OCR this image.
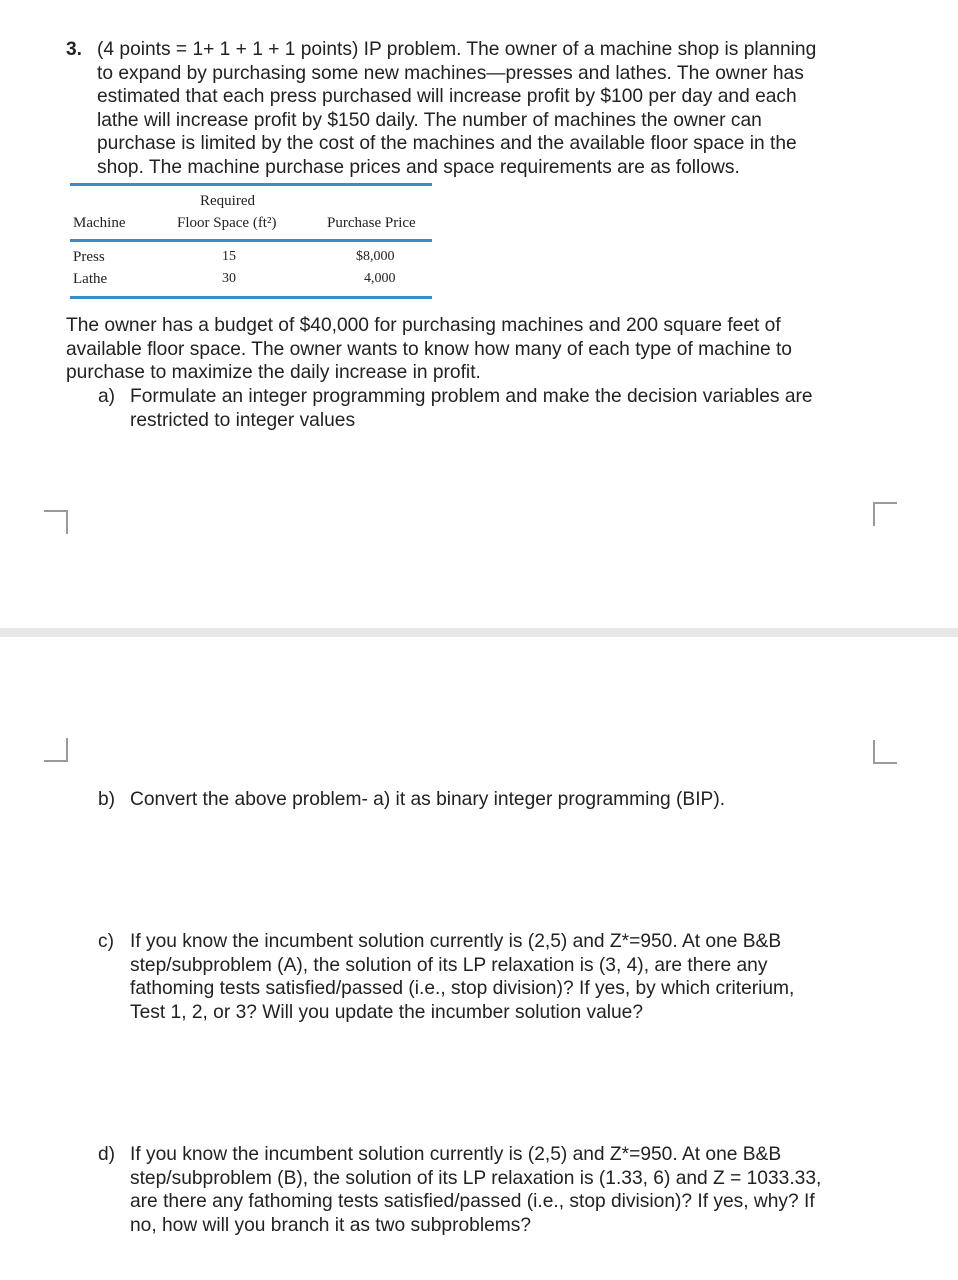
3. (4 points = 1+ 1 + 1 + 1 points) IP problem. The owner of a machine shop is planning
to expand by purchasing some new machines—presses and lathes. The owner has
estimated that each press purchased will increase profit by $100 per day and each
lathe will increase profit by $150 daily. The number of machines the owner can
purchase is limited by the cost of the machines and the available floor space in the
shop. The machine purchase prices and space requirements are as follows.
Required
Machine	Floor Space (ft²)	Purchase Price
Press	15	$8,000
Lathe	30	4,000
The owner has a budget of $40,000 for purchasing machines and 200 square feet of
available floor space. The owner wants to know how many of each type of machine to
purchase to maximize the daily increase in profit.
a) Formulate an integer programming problem and make the decision variables are
restricted to integer values
b) Convert the above problem- a) it as binary integer programming (BIP).
c) If you know the incumbent solution currently is (2,5) and Z*=950. At one B&B
step/subproblem (A), the solution of its LP relaxation is (3, 4), are there any
fathoming tests satisfied/passed (i.e., stop division)? If yes, by which criterium,
Test 1, 2, or 3? Will you update the incumber solution value?
d) If you know the incumbent solution currently is (2,5) and Z*=950. At one B&B
step/subproblem (B), the solution of its LP relaxation is (1.33, 6) and Z = 1033.33,
are there any fathoming tests satisfied/passed (i.e., stop division)? If yes, why? If
no, how will you branch it as two subproblems?
